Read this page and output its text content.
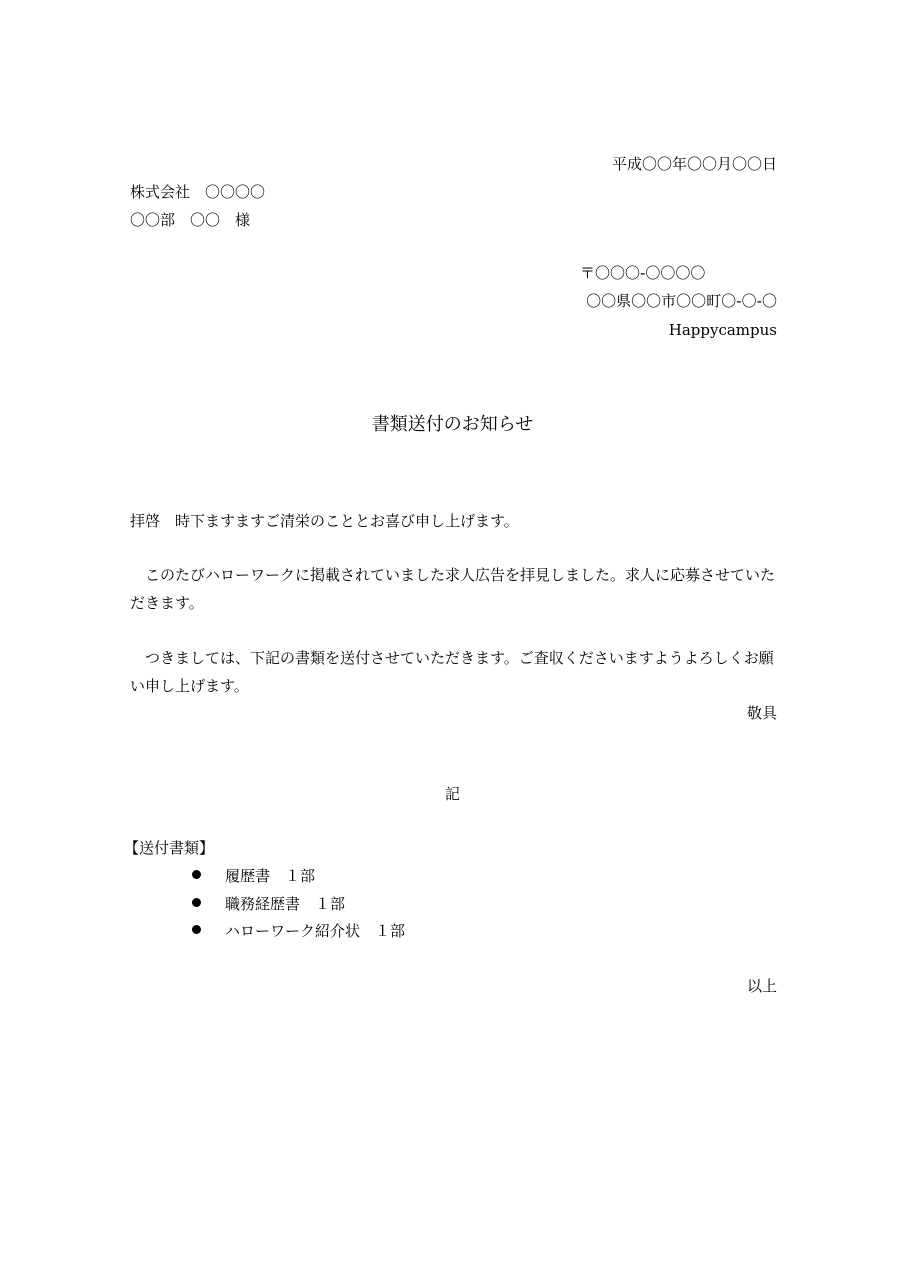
平成〇〇年〇〇月〇〇日
株式会社　〇〇〇〇
〇〇部　〇〇　様
〒〇〇〇-〇〇〇〇
〇〇県〇〇市〇〇町〇-〇-〇
Happycampus
書類送付のお知らせ
拝啓　時下ますますご清栄のこととお喜び申し上げます。
このたびハローワークに掲載されていました求人広告を拝見しました。求人に応募させていただきます。
つきましては、下記の書類を送付させていただきます。ご査収くださいますようよろしくお願い申し上げます。
敬具
記
【送付書類】
履歴書　１部
職務経歴書　１部
ハローワーク紹介状　１部
以上
